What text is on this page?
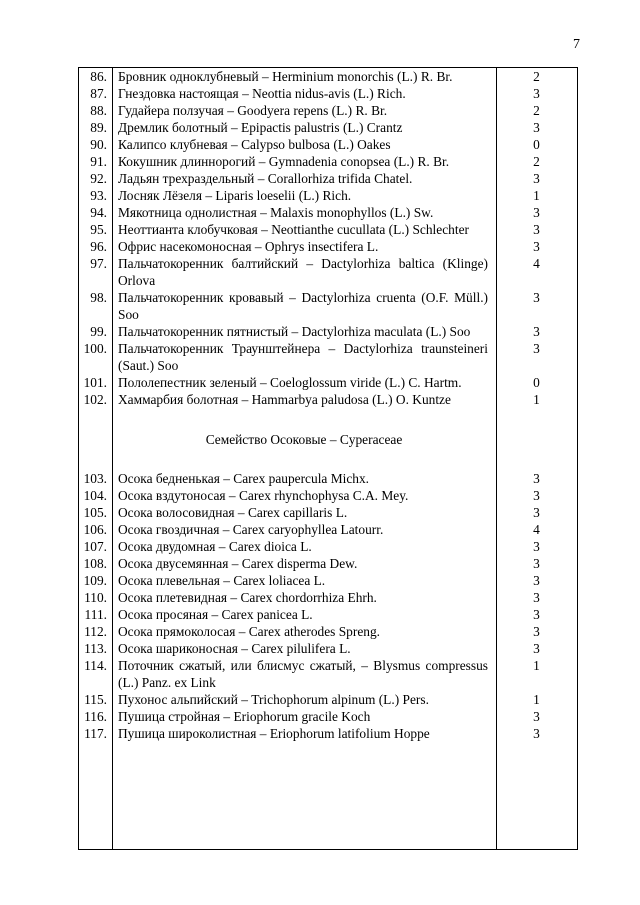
7
86.	Бровник одноклубневый – Herminium monorchis (L.) R. Br.	2
87.	Гнездовка настоящая – Neottia nidus-avis (L.) Rich.	3
88.	Гудайера ползучая – Goodyera repens (L.) R. Br.	2
89.	Дремлик болотный – Epipactis palustris (L.) Crantz	3
90.	Калипсо клубневая – Calypso bulbosa (L.) Oakes	0
91.	Кокушник длиннорогий – Gymnadenia conopsea (L.) R. Br.	2
92.	Ладьян трехраздельный – Corallorhiza trifida Chatel.	3
93.	Лосняк Лёзеля – Liparis loeselii (L.) Rich.	1
94.	Мякотница однолистная – Malaxis monophyllos (L.) Sw.	3
95.	Неоттианта клобучковая – Neottianthe cucullata (L.) Schlechter	3
96.	Офрис насекомоносная – Ophrys insectifera L.	3
97.	Пальчатокоренник балтийский – Dactylorhiza baltica (Klinge) Orlova	4
98.	Пальчатокоренник кровавый – Dactylorhiza cruenta (O.F. Müll.) Soo	3
99.	Пальчатокоренник пятнистый – Dactylorhiza maculata (L.) Soo	3
100.	Пальчатокоренник Траунштейнера – Dactylorhiza traunsteineri (Saut.) Soo	3
101.	Пололепестник зеленый – Coeloglossum viride (L.) C. Hartm.	0
102.	Хаммарбия болотная – Hammarbya paludosa (L.) O. Kuntze	1
	Семейство Осоковые – Cyperaceae	
103.	Осока бедненькая – Carex paupercula Michx.	3
104.	Осока вздутоносая – Carex rhynchophysa C.A. Mey.	3
105.	Осока волосовидная – Carex capillaris L.	3
106.	Осока гвоздичная – Carex caryophyllea Latourr.	4
107.	Осока двудомная – Carex dioica L.	3
108.	Осока двусемянная – Carex disperma Dew.	3
109.	Осока плевельная – Carex loliacea L.	3
110.	Осока плетевидная – Carex chordorrhiza Ehrh.	3
111.	Осока просяная – Carex panicea L.	3
112.	Осока прямоколосая – Carex atherodes Spreng.	3
113.	Осока шариконосная – Carex pilulifera L.	3
114.	Поточник сжатый, или блисмус сжатый, – Blysmus compressus (L.) Panz. ex Link	1
115.	Пухонос альпийский – Trichophorum alpinum (L.) Pers.	1
116.	Пушица стройная – Eriophorum gracile Koch	3
117.	Пушица широколистная – Eriophorum latifolium Hoppe	3
